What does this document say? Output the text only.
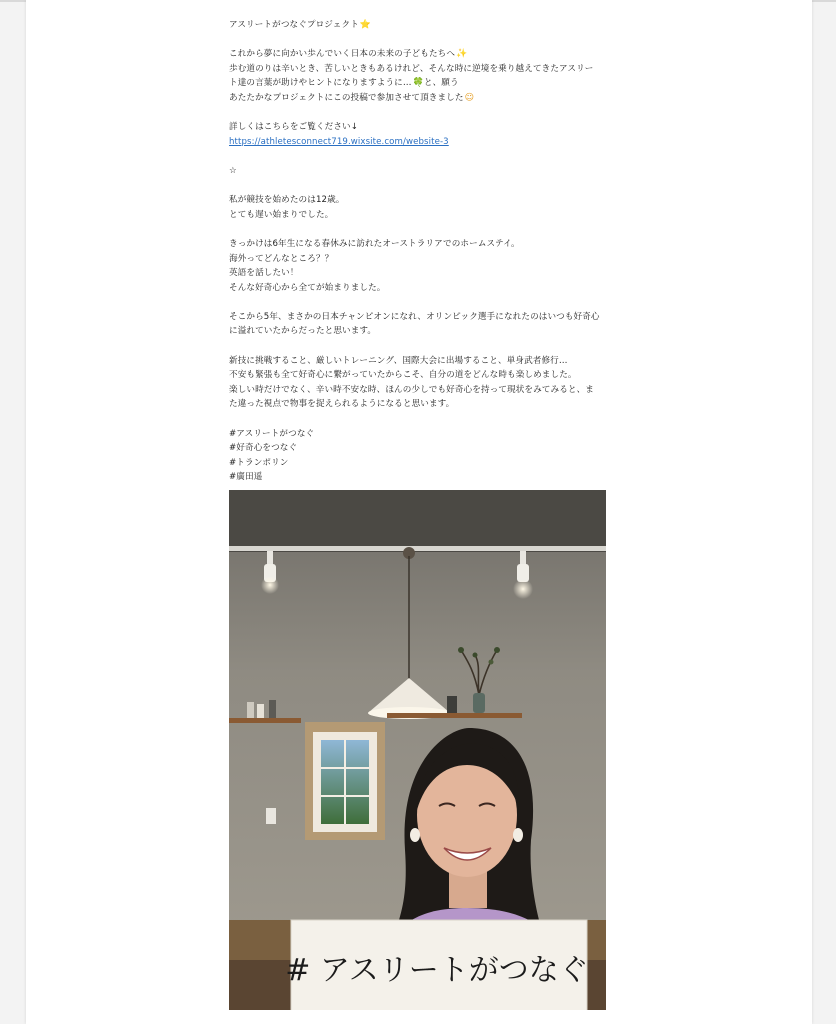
アスリートがつなぐプロジェクト⭐
これから夢に向かい歩んでいく日本の未来の子どもたちへ✨
歩む道のりは辛いとき、苦しいときもあるけれど、そんな時に逆境を乗り越えてきたアスリー
ト達の言葉が助けやヒントになりますように…🍀と、願う
あたたかなプロジェクトにこの投稿で参加させて頂きました☺
詳しくはこちらをご覧ください↓
https://athletesconnect719.wixsite.com/website-3
☆
私が競技を始めたのは12歳。
とても遅い始まりでした。
きっかけは6年生になる春休みに訪れたオーストラリアでのホームステイ。
海外ってどんなところ？？
英語を話したい！
そんな好奇心から全てが始まりました。
そこから5年、まさかの日本チャンピオンになれ、オリンピック選手になれたのはいつも好奇心
に溢れていたからだったと思います。
新技に挑戦すること、厳しいトレーニング、国際大会に出場すること、単身武者修行…
不安も緊張も全て好奇心に繋がっていたからこそ、自分の道をどんな時も楽しめました。
楽しい時だけでなく、辛い時不安な時、ほんの少しでも好奇心を持って現状をみてみると、ま
た違った視点で物事を捉えられるようになると思います。
#アスリートがつなぐ
#好奇心をつなぐ
#トランポリン
#廣田遥
# アスリートがつなぐ
